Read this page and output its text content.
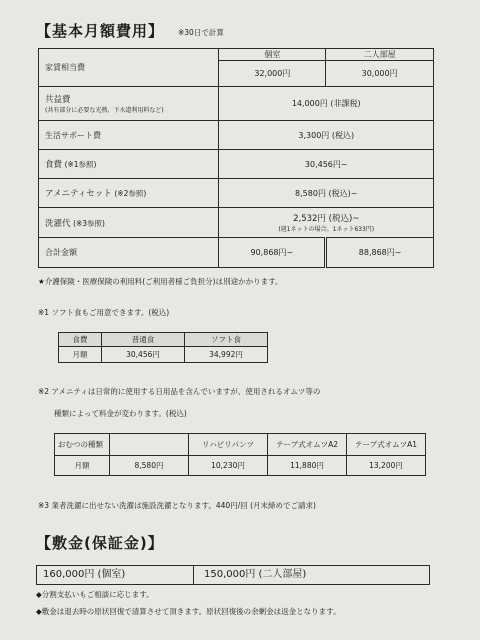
【基本月額費用】 ※30日で計算
家賃相当費	個室	二人部屋
	32,000円	30,000円

共益費
(共有部分に必要な光熱、下水道利用料など)	14,000円 (非課税)	
生活サポート費	3,300円 (税込)	
食費 (※1参照)	30,456円~	
アメニティセット (※2参照)	8,580円 (税込)~	
洗濯代 (※3参照)	2,532円 (税込)~
(週1ネットの場合。1ネット633円)	

合計金額	90,868円~	88,868円~
★介護保険・医療保険の利用料(ご利用者様ご負担分)は別途かかります。
※1 ソフト食もご用意できます。(税込)
食費	普通食	ソフト食
月額	30,456円	34,992円
※2 アメニティは日常的に使用する日用品を含んでいますが、使用されるオムツ等の
種類によって料金が変わります。(税込)
おむつの種類		リハビリパンツ	テープ式オムツA2	テープ式オムツA1
月額	8,580円	10,230円	11,880円	13,200円
※3 業者洗濯に出せない洗濯は施設洗濯となります。440円/回 (月末締めでご請求)
【敷金(保証金)】
160,000円 (個室)	150,000円 (二人部屋)
◆分割支払いもご相談に応じます。
◆敷金は退去時の原状回復で清算させて頂きます。原状回復後の余剰金は返金となります。
